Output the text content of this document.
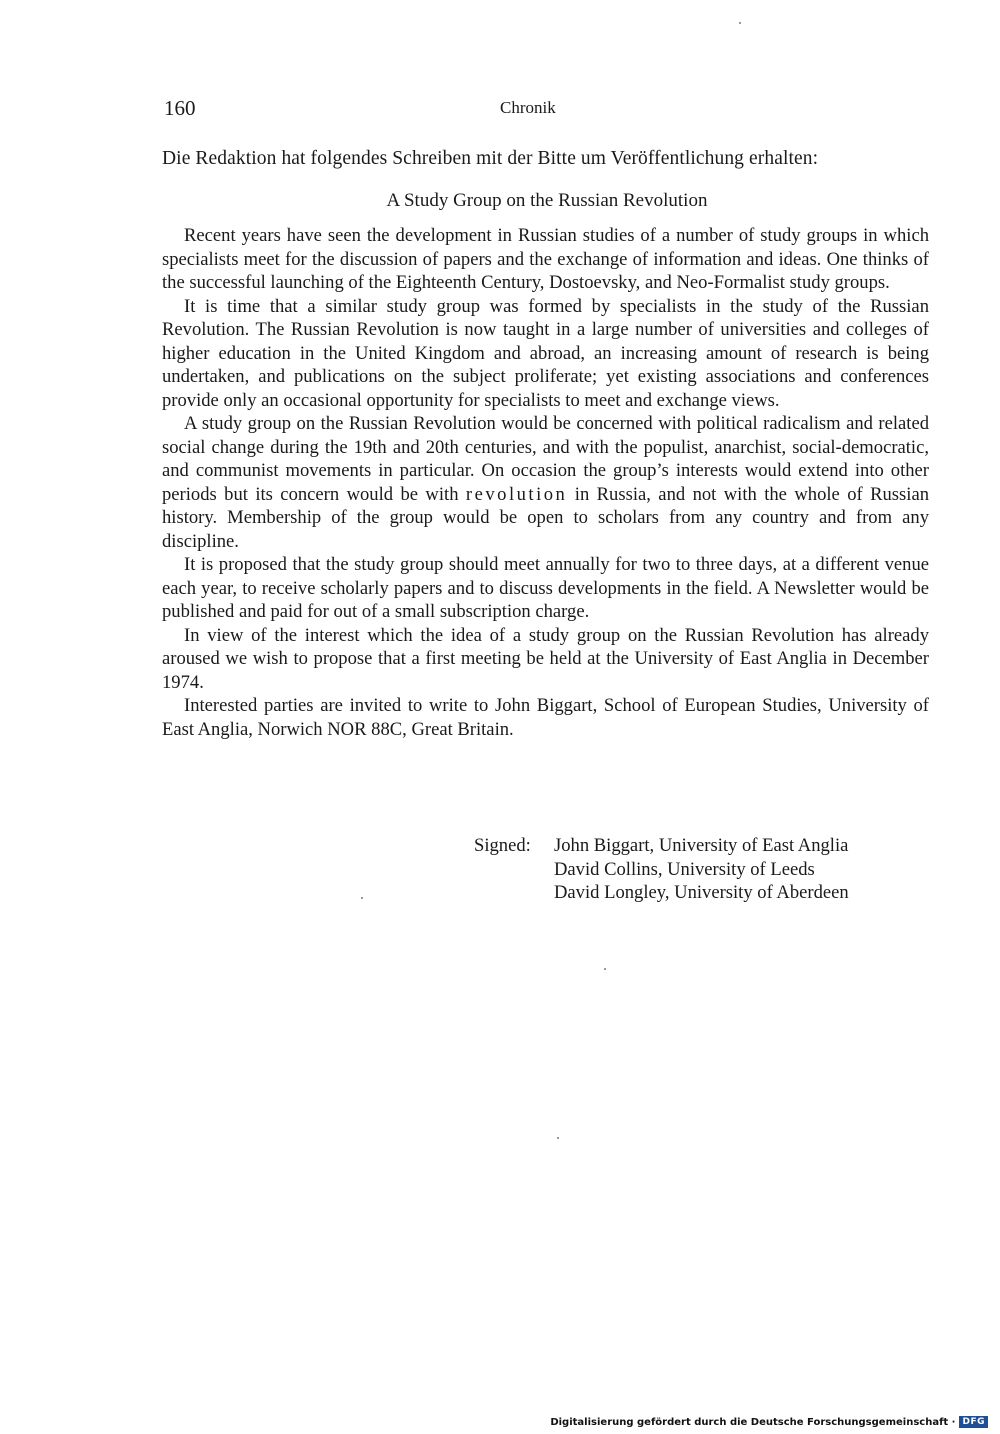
160	Chronik
Die Redaktion hat folgendes Schreiben mit der Bitte um Veröffentlichung erhalten:
A Study Group on the Russian Revolution

Recent years have seen the development in Russian studies of a number of study groups in which specialists meet for the discussion of papers and the exchange of information and ideas. One thinks of the successful launching of the Eighteenth Century, Dostoevsky, and Neo-Formalist study groups.

It is time that a similar study group was formed by specialists in the study of the Russian Revolution. The Russian Revolution is now taught in a large number of universities and colleges of higher education in the United Kingdom and abroad, an increasing amount of research is being undertaken, and publications on the subject proliferate; yet existing associations and conferences provide only an occasional opportunity for specialists to meet and exchange views.

A study group on the Russian Revolution would be concerned with political radicalism and related social change during the 19th and 20th centuries, and with the populist, anarchist, social-democratic, and communist movements in particular. On occasion the group’s interests would extend into other periods but its concern would be with revolution in Russia, and not with the whole of Russian history. Membership of the group would be open to scholars from any country and from any discipline.

It is proposed that the study group should meet annually for two to three days, at a different venue each year, to receive scholarly papers and to discuss developments in the field. A Newsletter would be published and paid for out of a small subscription charge.

In view of the interest which the idea of a study group on the Russian Revolution has already aroused we wish to propose that a first meeting be held at the University of East Anglia in December 1974.

Interested parties are invited to write to John Biggart, School of European Studies, University of East Anglia, Norwich NOR 88C, Great Britain.

Signed:	John Biggart, University of East Anglia
David Collins, University of Leeds
David Longley, University of Aberdeen
Digitalisierung gefördert durch die Deutsche Forschungsgemeinschaft · DFG
